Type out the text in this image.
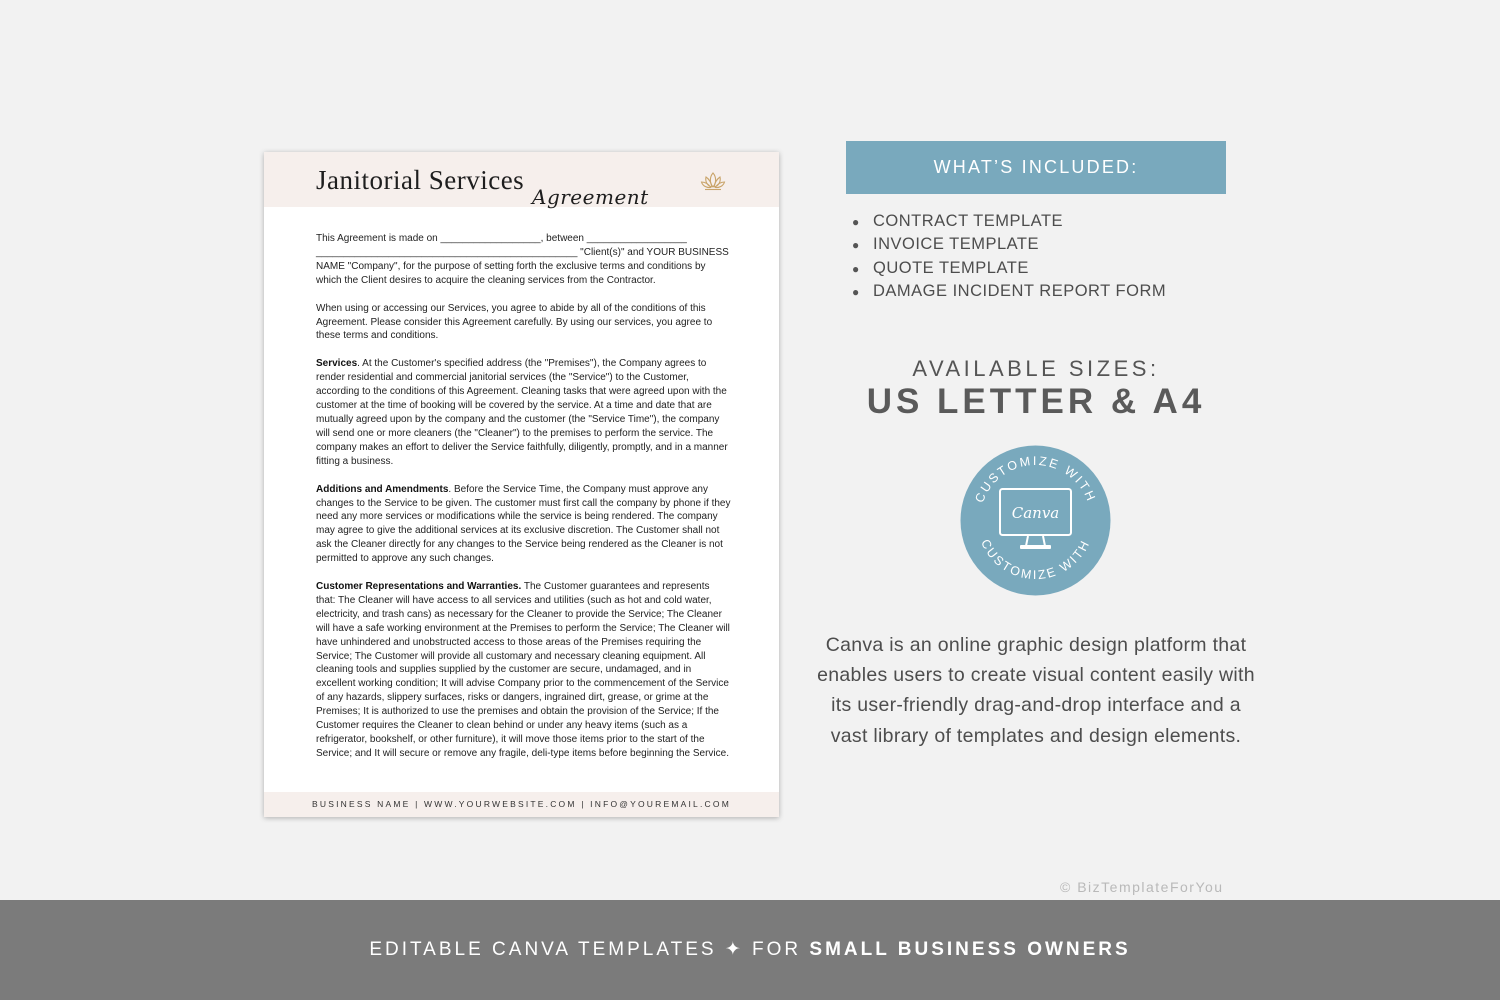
Janitorial Services
Agreement

This Agreement is made on __________________, between __________________ _______________________________________________ "Client(s)" and YOUR BUSINESS NAME "Company", for the purpose of setting forth the exclusive terms and conditions by which the Client desires to acquire the cleaning services from the Contractor.

When using or accessing our Services, you agree to abide by all of the conditions of this Agreement. Please consider this Agreement carefully. By using our services, you agree to these terms and conditions.

Services. At the Customer's specified address (the "Premises"), the Company agrees to render residential and commercial janitorial services (the "Service") to the Customer, according to the conditions of this Agreement. Cleaning tasks that were agreed upon with the customer at the time of booking will be covered by the service. At a time and date that are mutually agreed upon by the company and the customer (the "Service Time"), the company will send one or more cleaners (the "Cleaner") to the premises to perform the service. The company makes an effort to deliver the Service faithfully, diligently, promptly, and in a manner fitting a business.

Additions and Amendments. Before the Service Time, the Company must approve any changes to the Service to be given. The customer must first call the company by phone if they need any more services or modifications while the service is being rendered. The company may agree to give the additional services at its exclusive discretion. The Customer shall not ask the Cleaner directly for any changes to the Service being rendered as the Cleaner is not permitted to approve any such changes.

Customer Representations and Warranties. The Customer guarantees and represents that: The Cleaner will have access to all services and utilities (such as hot and cold water, electricity, and trash cans) as necessary for the Cleaner to provide the Service; The Cleaner will have a safe working environment at the Premises to perform the Service; The Cleaner will have unhindered and unobstructed access to those areas of the Premises requiring the Service; The Customer will provide all customary and necessary cleaning equipment. All cleaning tools and supplies supplied by the customer are secure, undamaged, and in excellent working condition; It will advise Company prior to the commencement of the Service of any hazards, slippery surfaces, risks or dangers, ingrained dirt, grease, or grime at the Premises; It is authorized to use the premises and obtain the provision of the Service; If the Customer requires the Cleaner to clean behind or under any heavy items (such as a refrigerator, bookshelf, or other furniture), it will move those items prior to the start of the Service; and It will secure or remove any fragile, deli-type items before beginning the Service.

BUSINESS NAME | WWW.YOURWEBSITE.COM | INFO@YOUREMAIL.COM
WHAT’S INCLUDED:
● CONTRACT TEMPLATE
● INVOICE TEMPLATE
● QUOTE TEMPLATE
● DAMAGE INCIDENT REPORT FORM
AVAILABLE SIZES:
US LETTER & A4
CUSTOMIZE WITH
CUSTOMIZE WITH
Canva
Canva is an online graphic design platform that enables users to create visual content easily with its user-friendly drag-and-drop interface and a vast library of templates and design elements.
© BizTemplateForYou
EDITABLE CANVA TEMPLATES ✦ FOR SMALL BUSINESS OWNERS
